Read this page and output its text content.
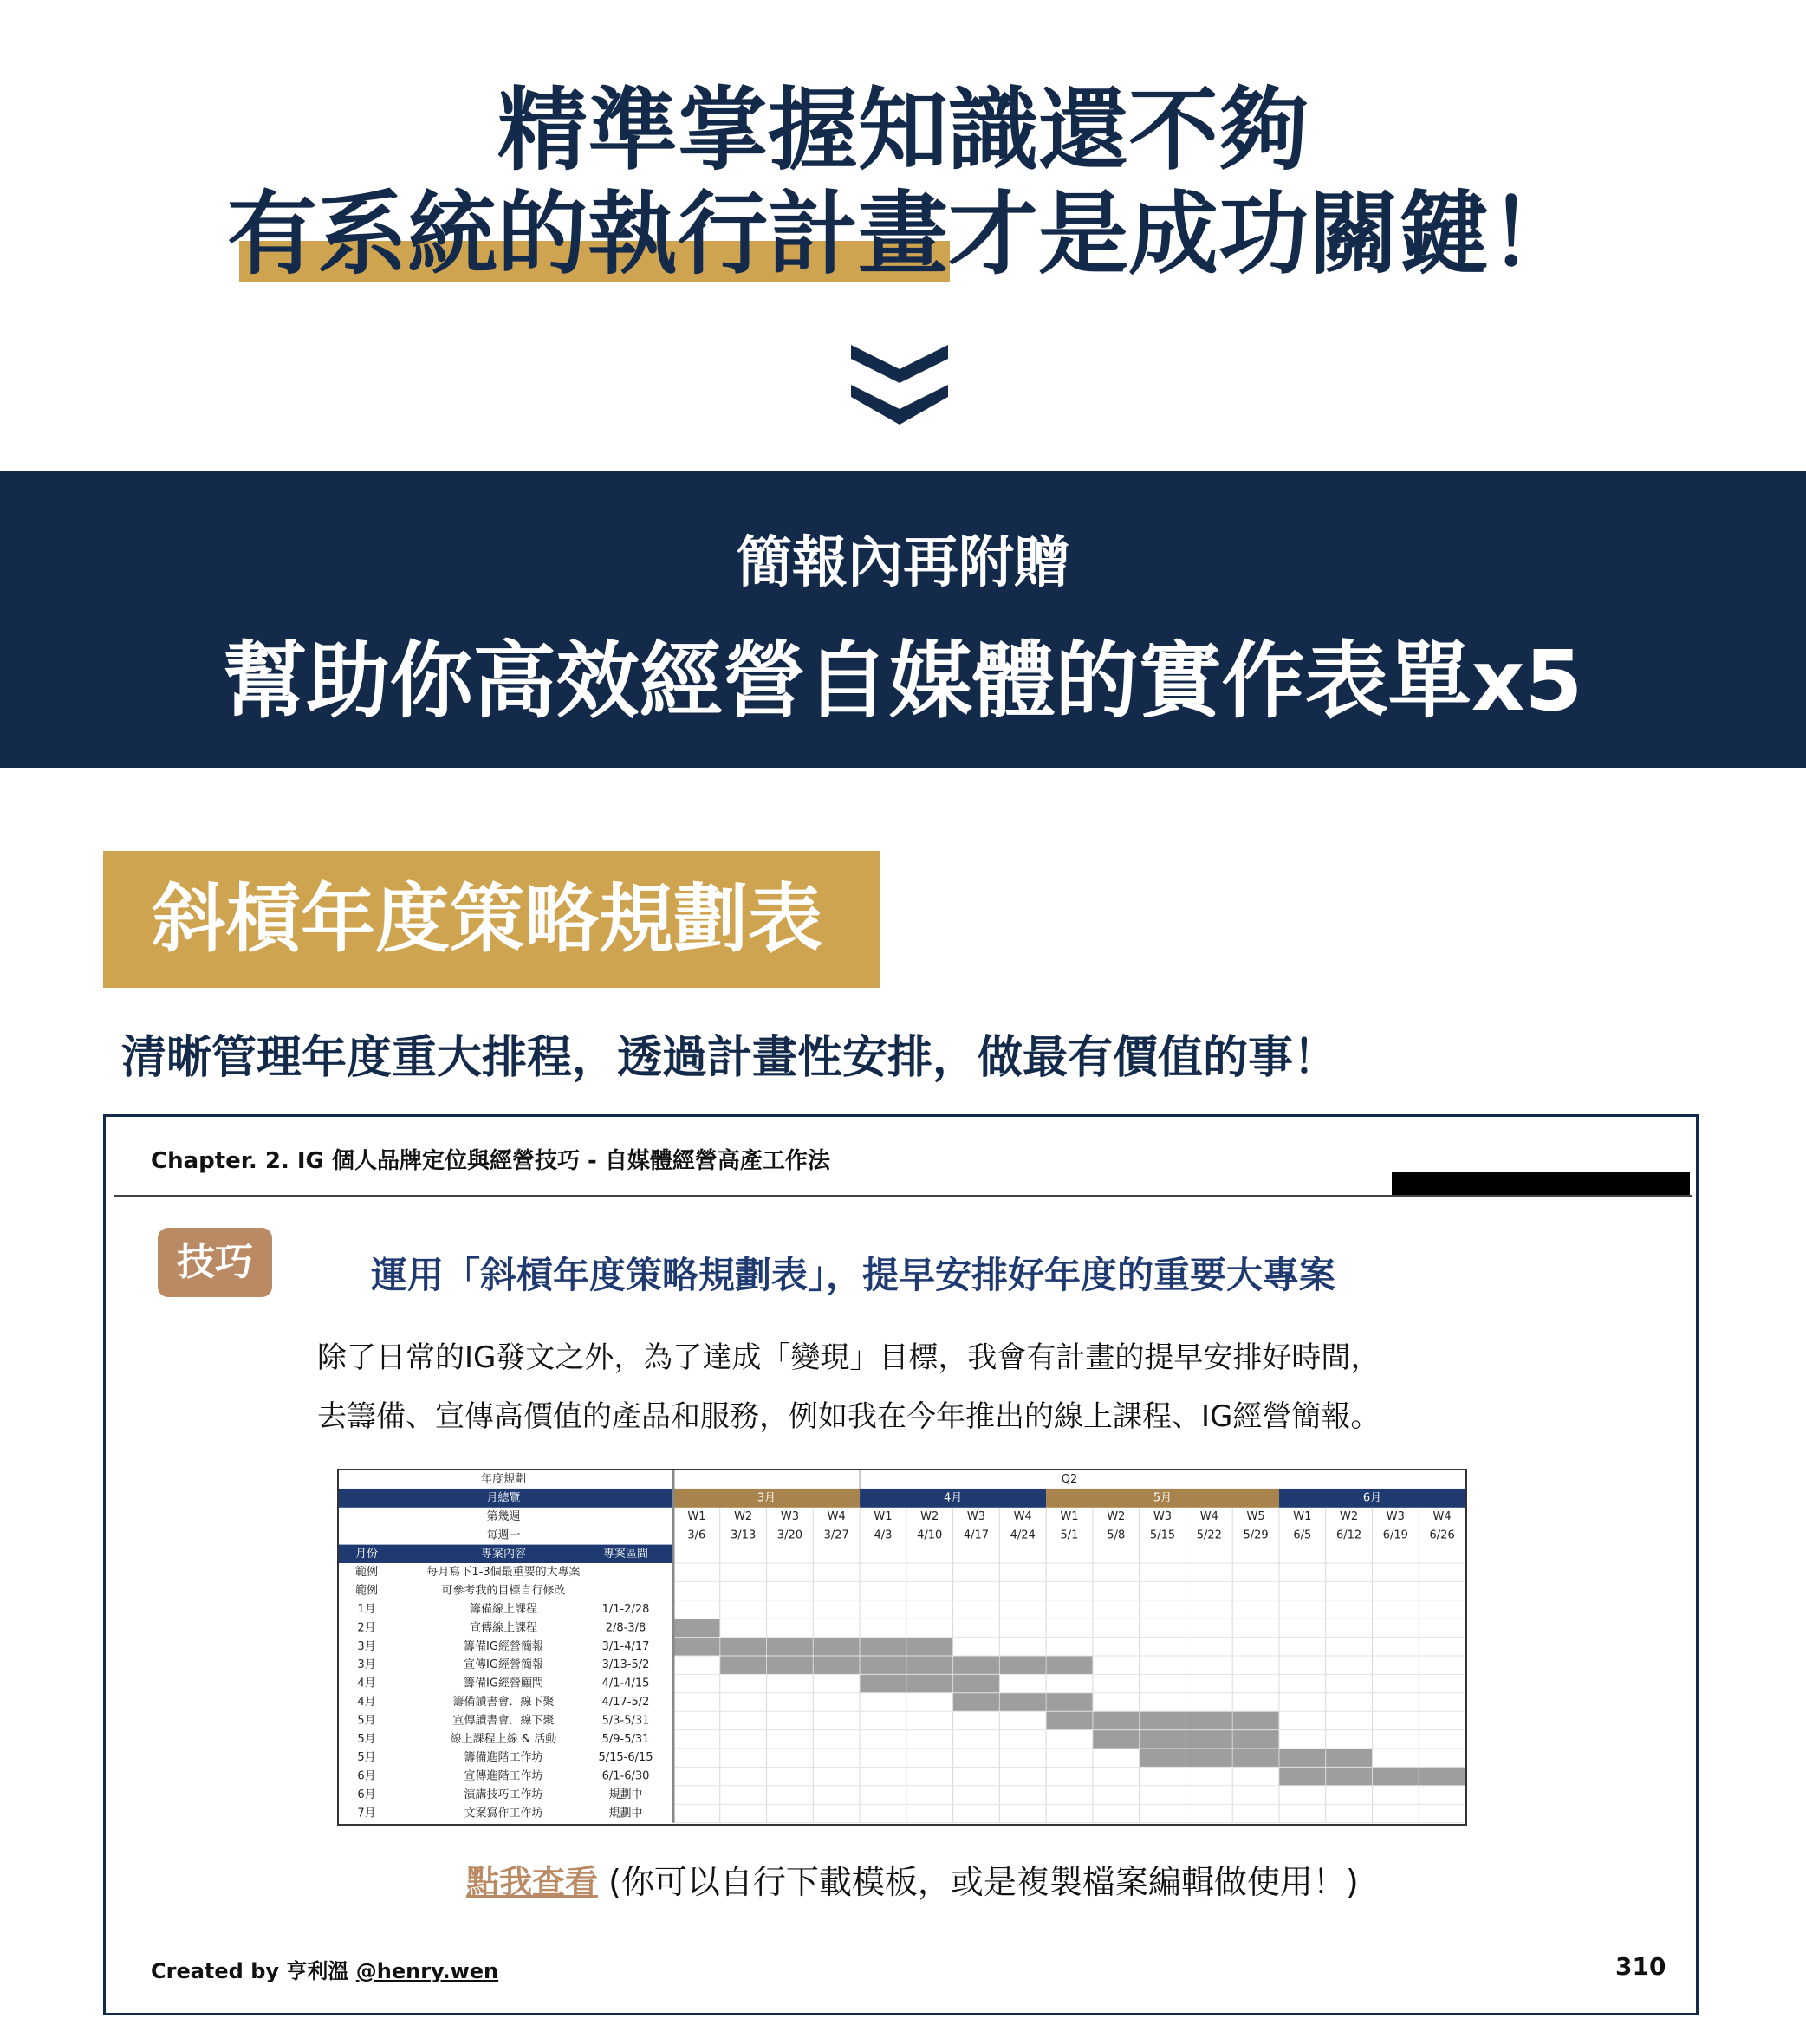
精準掌握知識還不夠
有系統的執行計畫才是成功關鍵！
簡報內再附贈
幫助你高效經營自媒體的實作表單x5
斜槓年度策略規劃表
清晰管理年度重大排程，透過計畫性安排，做最有價值的事！
Chapter. 2. IG 個人品牌定位與經營技巧 - 自媒體經營高產工作法
技巧	運用「斜槓年度策略規劃表」，提早安排好年度的重要大專案
除了日常的IG發文之外，為了達成「變現」目標，我會有計畫的提早安排好時間，
去籌備、宣傳高價值的產品和服務，例如我在今年推出的線上課程、IG經營簡報。
年度規劃	Q2
月總覽	3月	4月	5月	6月
第幾週
每週一
W1	W2	W3	W4	W1	W2	W3	W4	W1	W2	W3	W4	W5	W1	W2	W3	W4
3/6 3/13 3/20 3/27 4/3 4/10 4/17 4/24 5/1	5/8 5/15 5/22 5/29 6/5 6/12 6/19 6/26
月份	專案內容	專案區間
範例	每月寫下1-3個最重要的大專案
範例	可參考我的目標自行修改
1月	籌備線上課程	1/1-2/28
2月	宣傳線上課程	2/8-3/8
3月	籌備IG經營簡報	3/1-4/17
3月	宣傳IG經營簡報	3/13-5/2
4月	籌備IG經營顧問	4/1-4/15
4月	籌備讀書會．線下聚	4/17-5/2
5月	宣傳讀書會．線下聚	5/3-5/31
5月	線上課程上線 & 活動	5/9-5/31
5月	籌備進階工作坊	5/15-6/15
6月	宣傳進階工作坊	6/1-6/30
6月	演講技巧工作坊	規劃中
7月	文案寫作工作坊	規劃中
點我查看 (你可以自行下載模板，或是複製檔案編輯做使用！)
Created by 亨利溫 @henry.wen	310
